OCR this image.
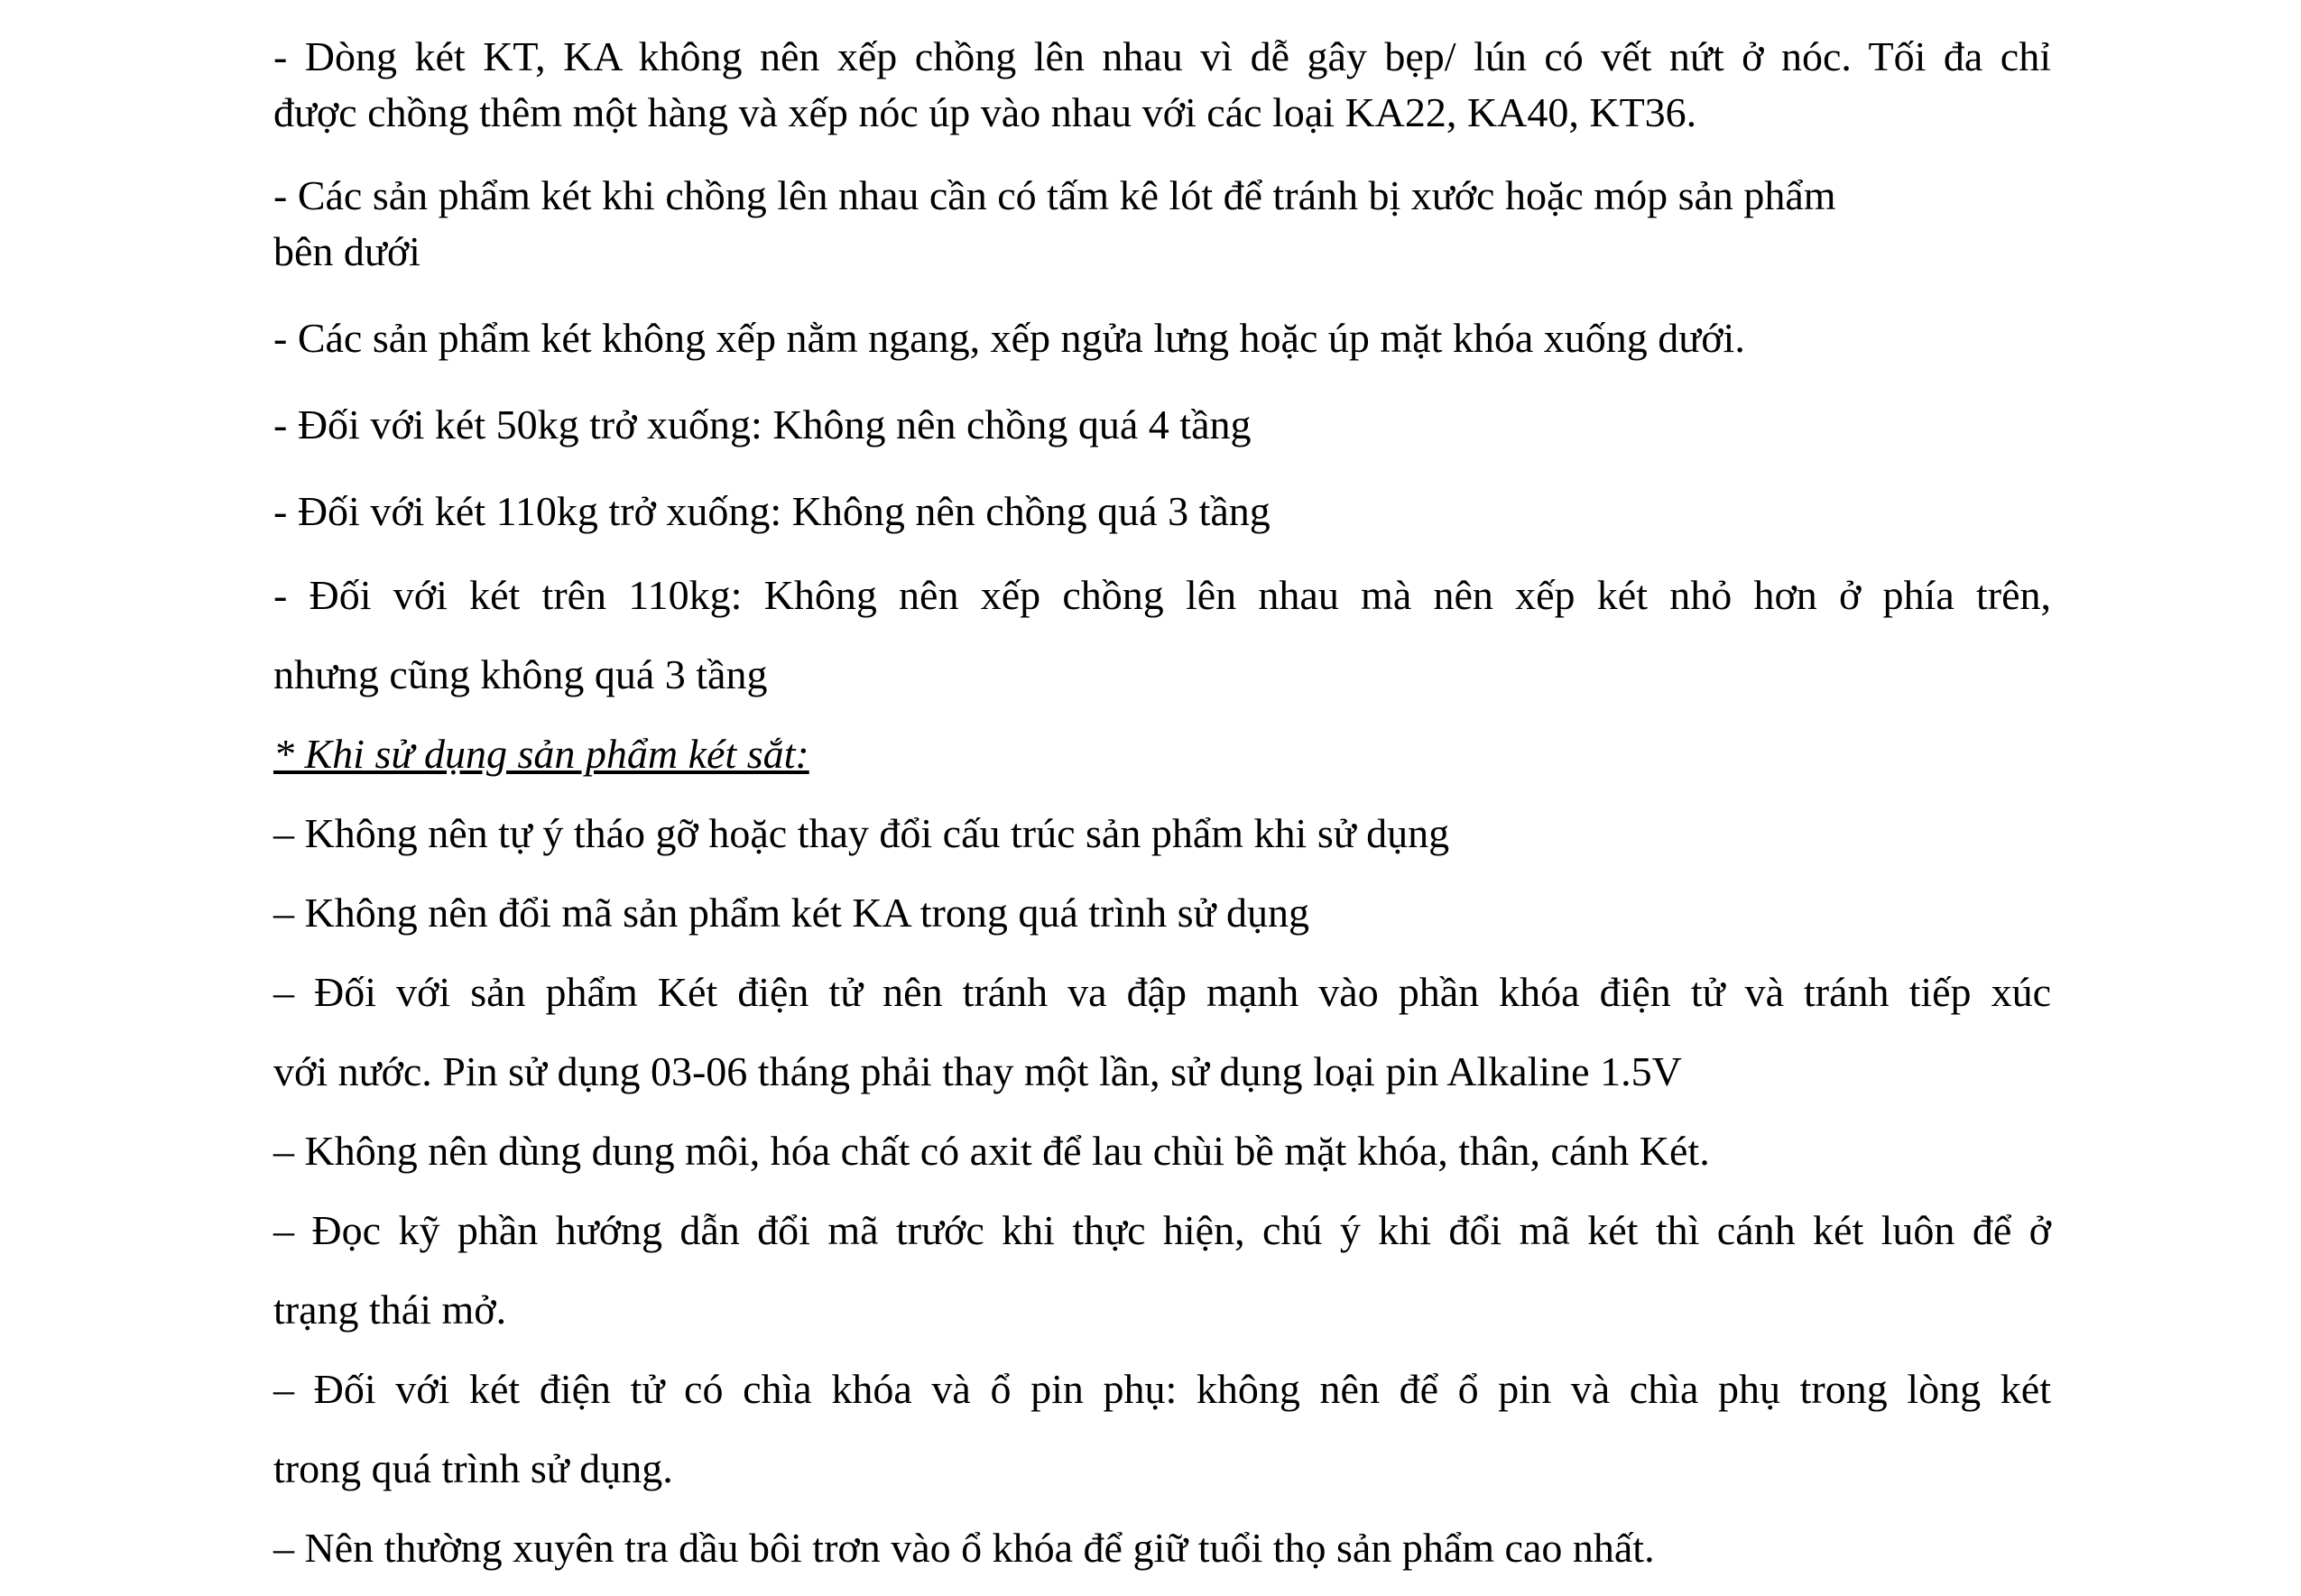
- Dòng két KT, KA không nên xếp chồng lên nhau vì dễ gây bẹp/ lún có vết nứt ở nóc. Tối đa chỉ
được chồng thêm một hàng và xếp nóc úp vào nhau với các loại KA22, KA40, KT36.

- Các sản phẩm két khi chồng lên nhau cần có tấm kê lót để tránh bị xước hoặc móp sản phẩm
bên dưới

- Các sản phẩm két không xếp nằm ngang, xếp ngửa lưng hoặc úp mặt khóa xuống dưới.

- Đối với két 50kg trở xuống: Không nên chồng quá 4 tầng

- Đối với két 110kg trở xuống: Không nên chồng quá 3 tầng

- Đối với két trên 110kg: Không nên xếp chồng lên nhau mà nên xếp két nhỏ hơn ở phía trên,
nhưng cũng không quá 3 tầng

* Khi sử dụng sản phẩm két sắt:

– Không nên tự ý tháo gỡ hoặc thay đổi cấu trúc sản phẩm khi sử dụng

– Không nên đổi mã sản phẩm két KA trong quá trình sử dụng

– Đối với sản phẩm Két điện tử nên tránh va đập mạnh vào phần khóa điện tử và tránh tiếp xúc
với nước. Pin sử dụng 03-06 tháng phải thay một lần, sử dụng loại pin Alkaline 1.5V

– Không nên dùng dung môi, hóa chất có axit để lau chùi bề mặt khóa, thân, cánh Két.

– Đọc kỹ phần hướng dẫn đổi mã trước khi thực hiện, chú ý khi đổi mã két thì cánh két luôn để ở
trạng thái mở.

– Đối với két điện tử có chìa khóa và ổ pin phụ: không nên để ổ pin và chìa phụ trong lòng két
trong quá trình sử dụng.

– Nên thường xuyên tra dầu bôi trơn vào ổ khóa để giữ tuổi thọ sản phẩm cao nhất.
